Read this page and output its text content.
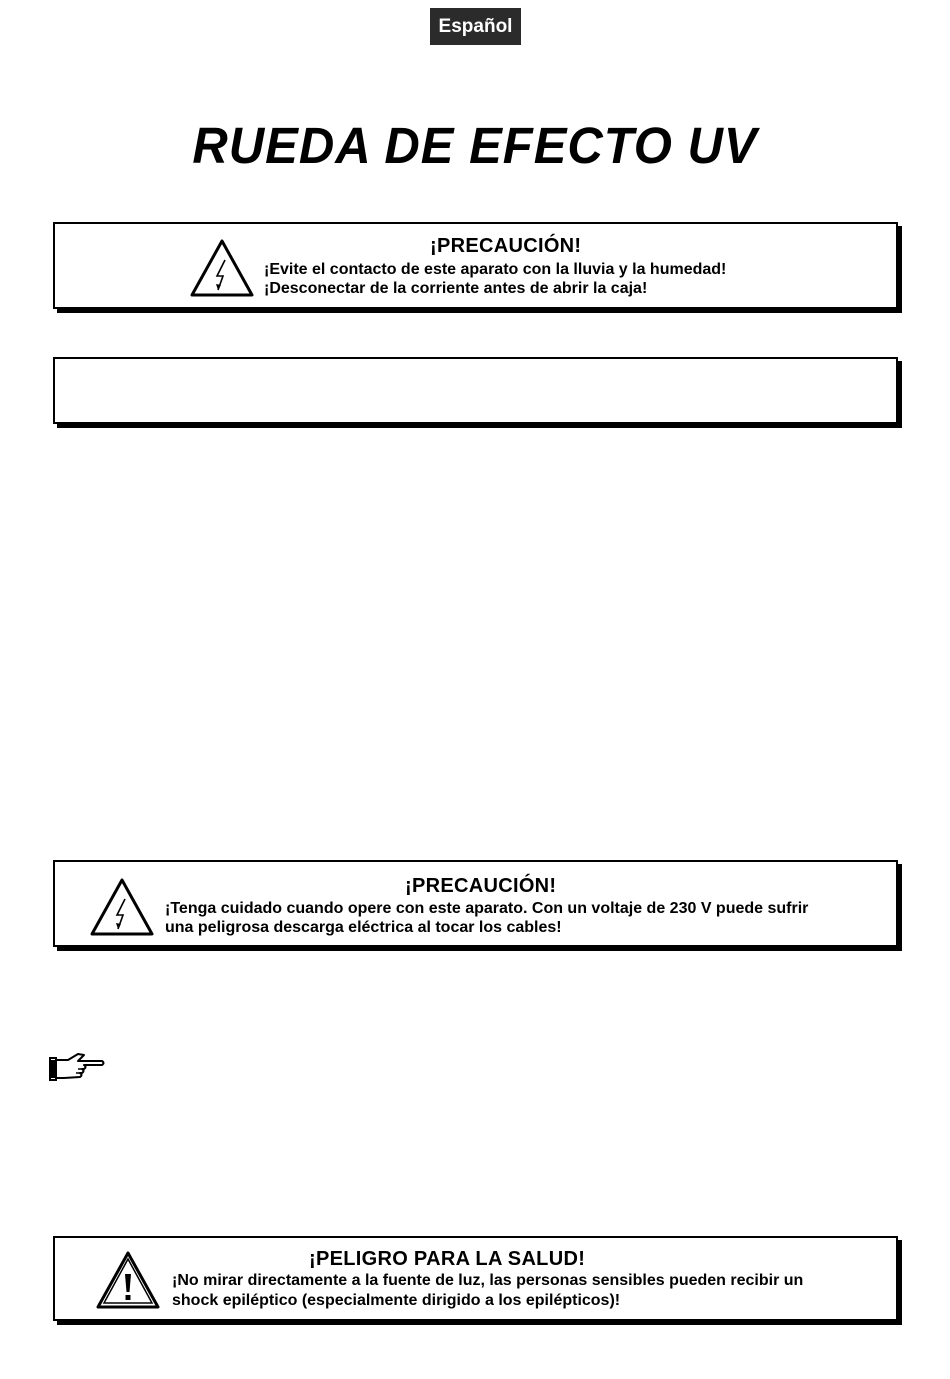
Español
RUEDA DE EFECTO UV
¡PRECAUCIÓN!
¡Evite el contacto de este aparato con la lluvia y la humedad!
¡Desconectar de la corriente antes de abrir la caja!
¡PRECAUCIÓN!
¡Tenga cuidado cuando opere con este aparato. Con un voltaje de 230 V puede sufrir
una peligrosa descarga eléctrica al tocar los cables!
¡PELIGRO PARA LA SALUD!
¡No mirar directamente a la fuente de luz, las personas sensibles pueden recibir un
shock epiléptico (especialmente dirigido a los epilépticos)!
